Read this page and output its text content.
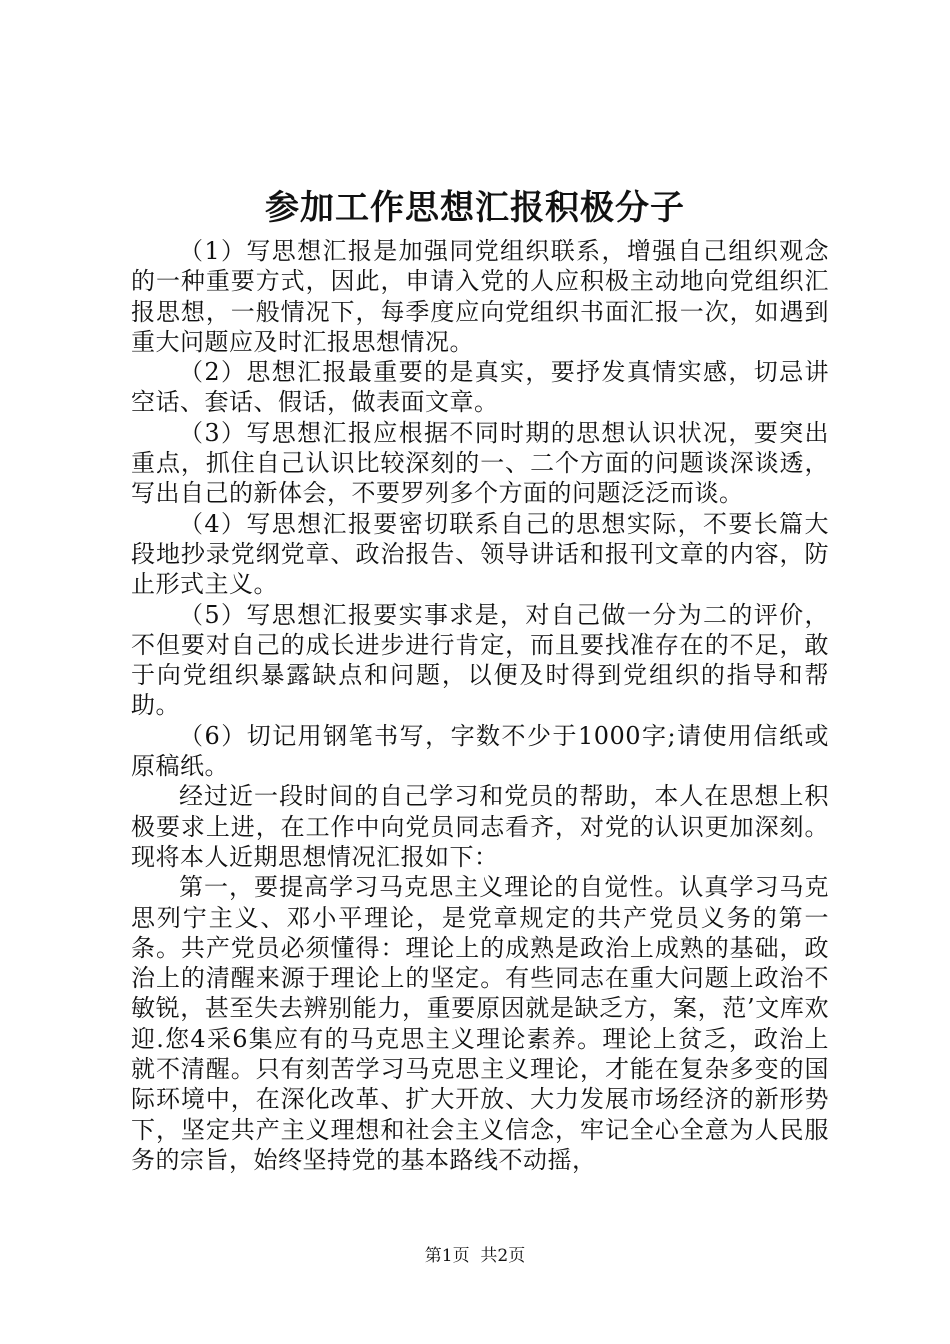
参加工作思想汇报积极分子

（1）写思想汇报是加强同党组织联系，增强自己组织观念的一种重要方式，因此，申请入党的人应积极主动地向党组织汇报思想，一般情况下，每季度应向党组织书面汇报一次，如遇到重大问题应及时汇报思想情况。

（2）思想汇报最重要的是真实，要抒发真情实感，切忌讲空话、套话、假话，做表面文章。

（3）写思想汇报应根据不同时期的思想认识状况，要突出重点，抓住自己认识比较深刻的一、二个方面的问题谈深谈透，写出自己的新体会，不要罗列多个方面的问题泛泛而谈。

（4）写思想汇报要密切联系自己的思想实际，不要长篇大段地抄录党纲党章、政治报告、领导讲话和报刊文章的内容，防止形式主义。

（5）写思想汇报要实事求是，对自己做一分为二的评价，不但要对自己的成长进步进行肯定，而且要找准存在的不足，敢于向党组织暴露缺点和问题，以便及时得到党组织的指导和帮助。

（6）切记用钢笔书写，字数不少于1000字;请使用信纸或原稿纸。

经过近一段时间的自己学习和党员的帮助，本人在思想上积极要求上进，在工作中向党员同志看齐，对党的认识更加深刻。现将本人近期思想情况汇报如下：

第一，要提高学习马克思主义理论的自觉性。认真学习马克思列宁主义、邓小平理论，是党章规定的共产党员义务的第一条。共产党员必须懂得：理论上的成熟是政治上成熟的基础，政治上的清醒来源于理论上的坚定。有些同志在重大问题上政治不敏锐，甚至失去辨别能力，重要原因就是缺乏方，案，范’文库欢迎.您4采6集应有的马克思主义理论素养。理论上贫乏，政治上就不清醒。只有刻苦学习马克思主义理论，才能在复杂多变的国际环境中，在深化改革、扩大开放、大力发展市场经济的新形势下，坚定共产主义理想和社会主义信念，牢记全心全意为人民服务的宗旨，始终坚持党的基本路线不动摇，

第1页 共2页
